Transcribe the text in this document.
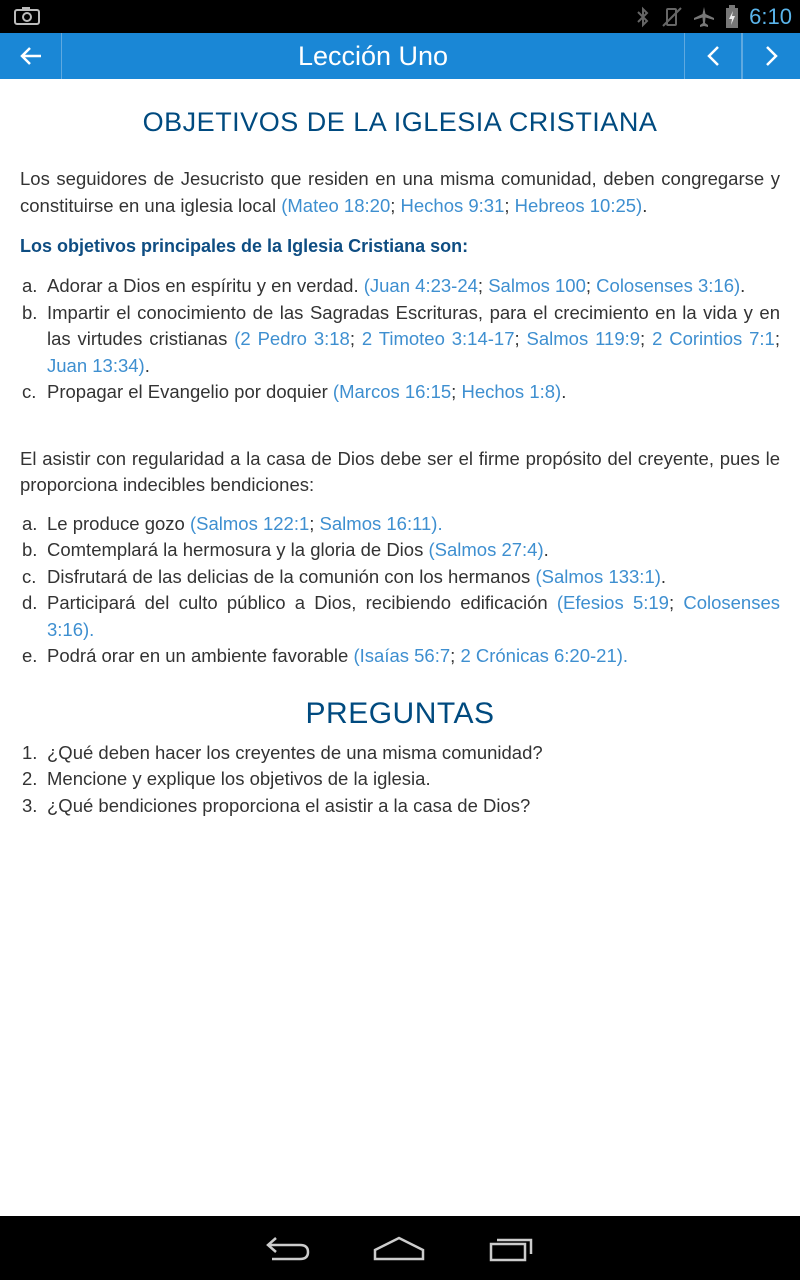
6:10
Lección Uno
OBJETIVOS DE LA IGLESIA CRISTIANA

Los seguidores de Jesucristo que residen en una misma comunidad, deben congregarse y constituirse en una iglesia local (Mateo 18:20; Hechos 9:31; Hebreos 10:25).

Los objetivos principales de la Iglesia Cristiana son:
a. Adorar a Dios en espíritu y en verdad. (Juan 4:23-24; Salmos 100; Colosenses 3:16).
b. Impartir el conocimiento de las Sagradas Escrituras, para el crecimiento en la vida y en las virtudes cristianas (2 Pedro 3:18; 2 Timoteo 3:14-17; Salmos 119:9; 2 Corintios 7:1; Juan 13:34).
c. Propagar el Evangelio por doquier (Marcos 16:15; Hechos 1:8).

El asistir con regularidad a la casa de Dios debe ser el firme propósito del creyente, pues le proporciona indecibles bendiciones:

a. Le produce gozo (Salmos 122:1; Salmos 16:11).
b. Comtemplará la hermosura y la gloria de Dios (Salmos 27:4).
c. Disfrutará de las delicias de la comunión con los hermanos (Salmos 133:1).
d. Participará del culto público a Dios, recibiendo edificación (Efesios 5:19; Colosenses 3:16).
e. Podrá orar en un ambiente favorable (Isaías 56:7; 2 Crónicas 6:20-21).
PREGUNTAS
1. ¿Qué deben hacer los creyentes de una misma comunidad?
2. Mencione y explique los objetivos de la iglesia.
3. ¿Qué bendiciones proporciona el asistir a la casa de Dios?
